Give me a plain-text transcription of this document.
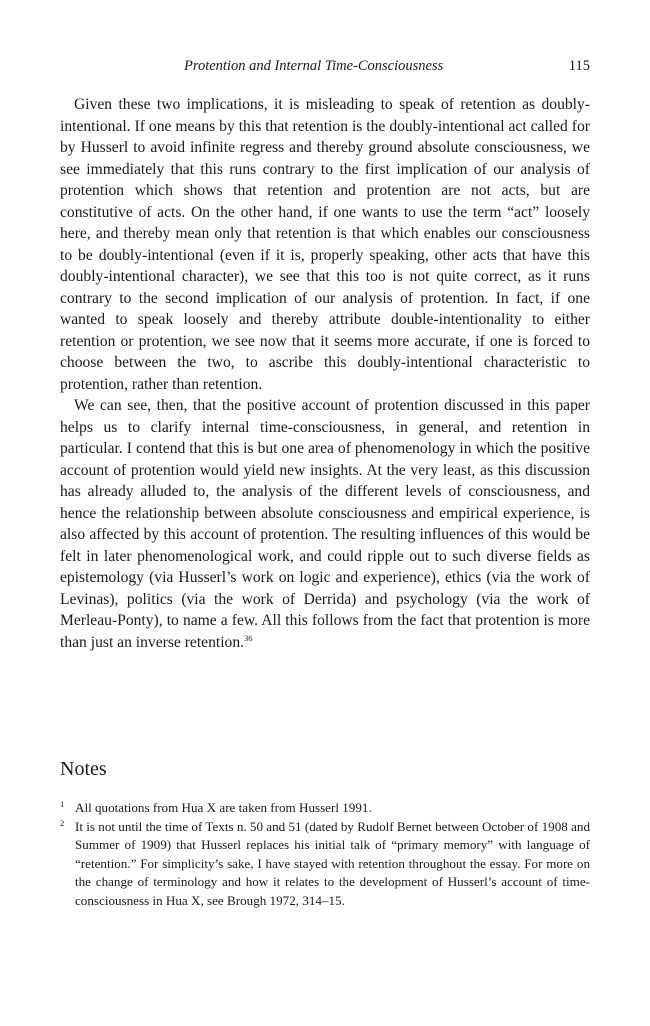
Protention and Internal Time-Consciousness	115

Given these two implications, it is misleading to speak of retention as doubly-intentional. If one means by this that retention is the doubly-intentional act called for by Husserl to avoid infinite regress and thereby ground absolute consciousness, we see immediately that this runs contrary to the first implication of our analysis of protention which shows that retention and protention are not acts, but are constitutive of acts. On the other hand, if one wants to use the term “act” loosely here, and thereby mean only that retention is that which enables our consciousness to be doubly-intentional (even if it is, properly speaking, other acts that have this doubly-intentional character), we see that this too is not quite correct, as it runs contrary to the second implication of our analysis of protention. In fact, if one wanted to speak loosely and thereby attribute double-intentionality to either retention or protention, we see now that it seems more accurate, if one is forced to choose between the two, to ascribe this doubly-intentional characteristic to protention, rather than retention.

We can see, then, that the positive account of protention discussed in this paper helps us to clarify internal time-consciousness, in general, and retention in particular. I contend that this is but one area of phenomenology in which the positive account of protention would yield new insights. At the very least, as this discussion has already alluded to, the analysis of the different levels of consciousness, and hence the relationship between absolute consciousness and empirical experience, is also affected by this account of protention. The resulting influences of this would be felt in later phenomenological work, and could ripple out to such diverse fields as epistemology (via Husserl’s work on logic and experience), ethics (via the work of Levinas), politics (via the work of Derrida) and psychology (via the work of Merleau-Ponty), to name a few. All this follows from the fact that protention is more than just an inverse retention.$^{36}$

Notes
1 All quotations from Hua X are taken from Husserl 1991.
2 It is not until the time of Texts n. 50 and 51 (dated by Rudolf Bernet between October of 1908 and Summer of 1909) that Husserl replaces his initial talk of “primary memory” with language of “retention.” For simplicity’s sake, I have stayed with retention throughout the essay. For more on the change of terminology and how it relates to the development of Husserl’s account of time-consciousness in Hua X, see Brough 1972, 314–15.
